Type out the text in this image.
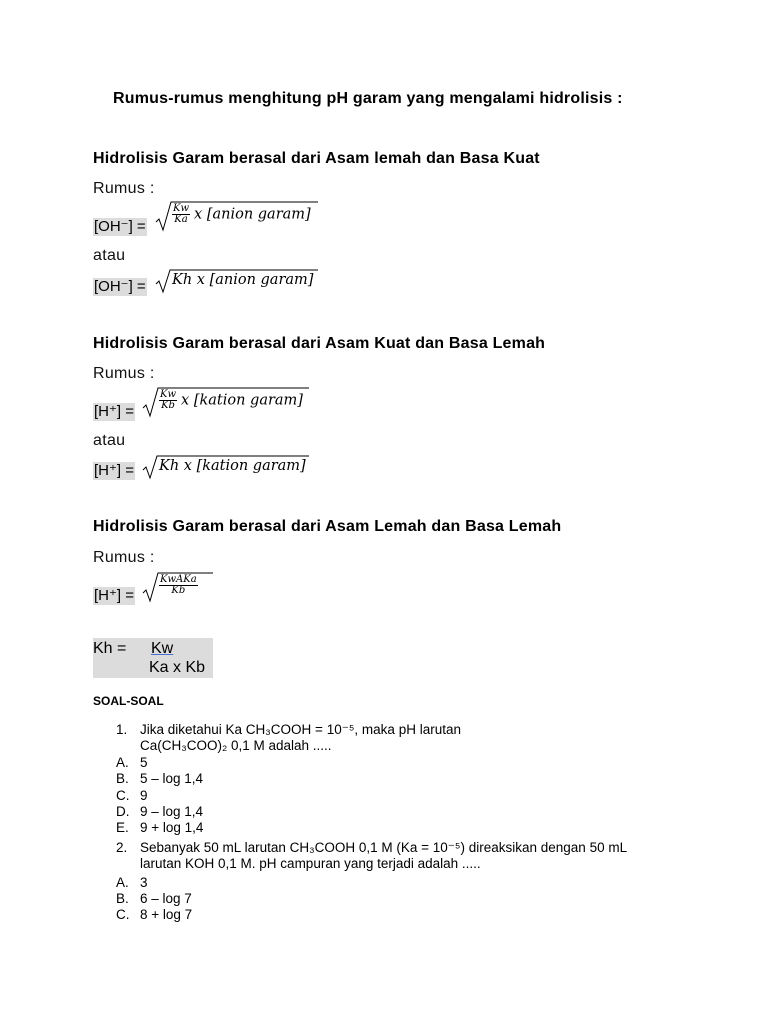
Rumus-rumus menghitung pH garam yang mengalami hidrolisis :
Hidrolisis Garam berasal dari Asam lemah dan Basa Kuat
Rumus :
[OH⁻] =
$\frac{Kw}{Ka}$ x [anion garam]
atau
[OH⁻] = Kh x [anion garam]
Hidrolisis Garam berasal dari Asam Kuat dan Basa Lemah
Rumus :
[H⁺] =
$\frac{Kw}{Kb}$ x [kation garam]
atau
[H⁺] = Kh x [kation garam]
Hidrolisis Garam berasal dari Asam Lemah dan Basa Lemah
Rumus :
$[H^+] = \frac{\text{KwÃKa}}{Kb}$
Kh = Kw
Ka x Kb
SOAL-SOAL
1. Jika diketahui Ka CH₃COOH = 10⁻⁵, maka pH larutan
Ca(CH₃COO)₂ 0,1 M adalah .....
A. 5
B. 5 – log 1,4
C. 9
D. 9 – log 1,4
E. 9 + log 1,4
2. Sebanyak 50 mL larutan CH₃COOH 0,1 M (Ka = 10⁻⁵) direaksikan dengan 50 mL
larutan KOH 0,1 M. pH campuran yang terjadi adalah .....
A. 3
B. 6 – log 7
C. 8 + log 7
